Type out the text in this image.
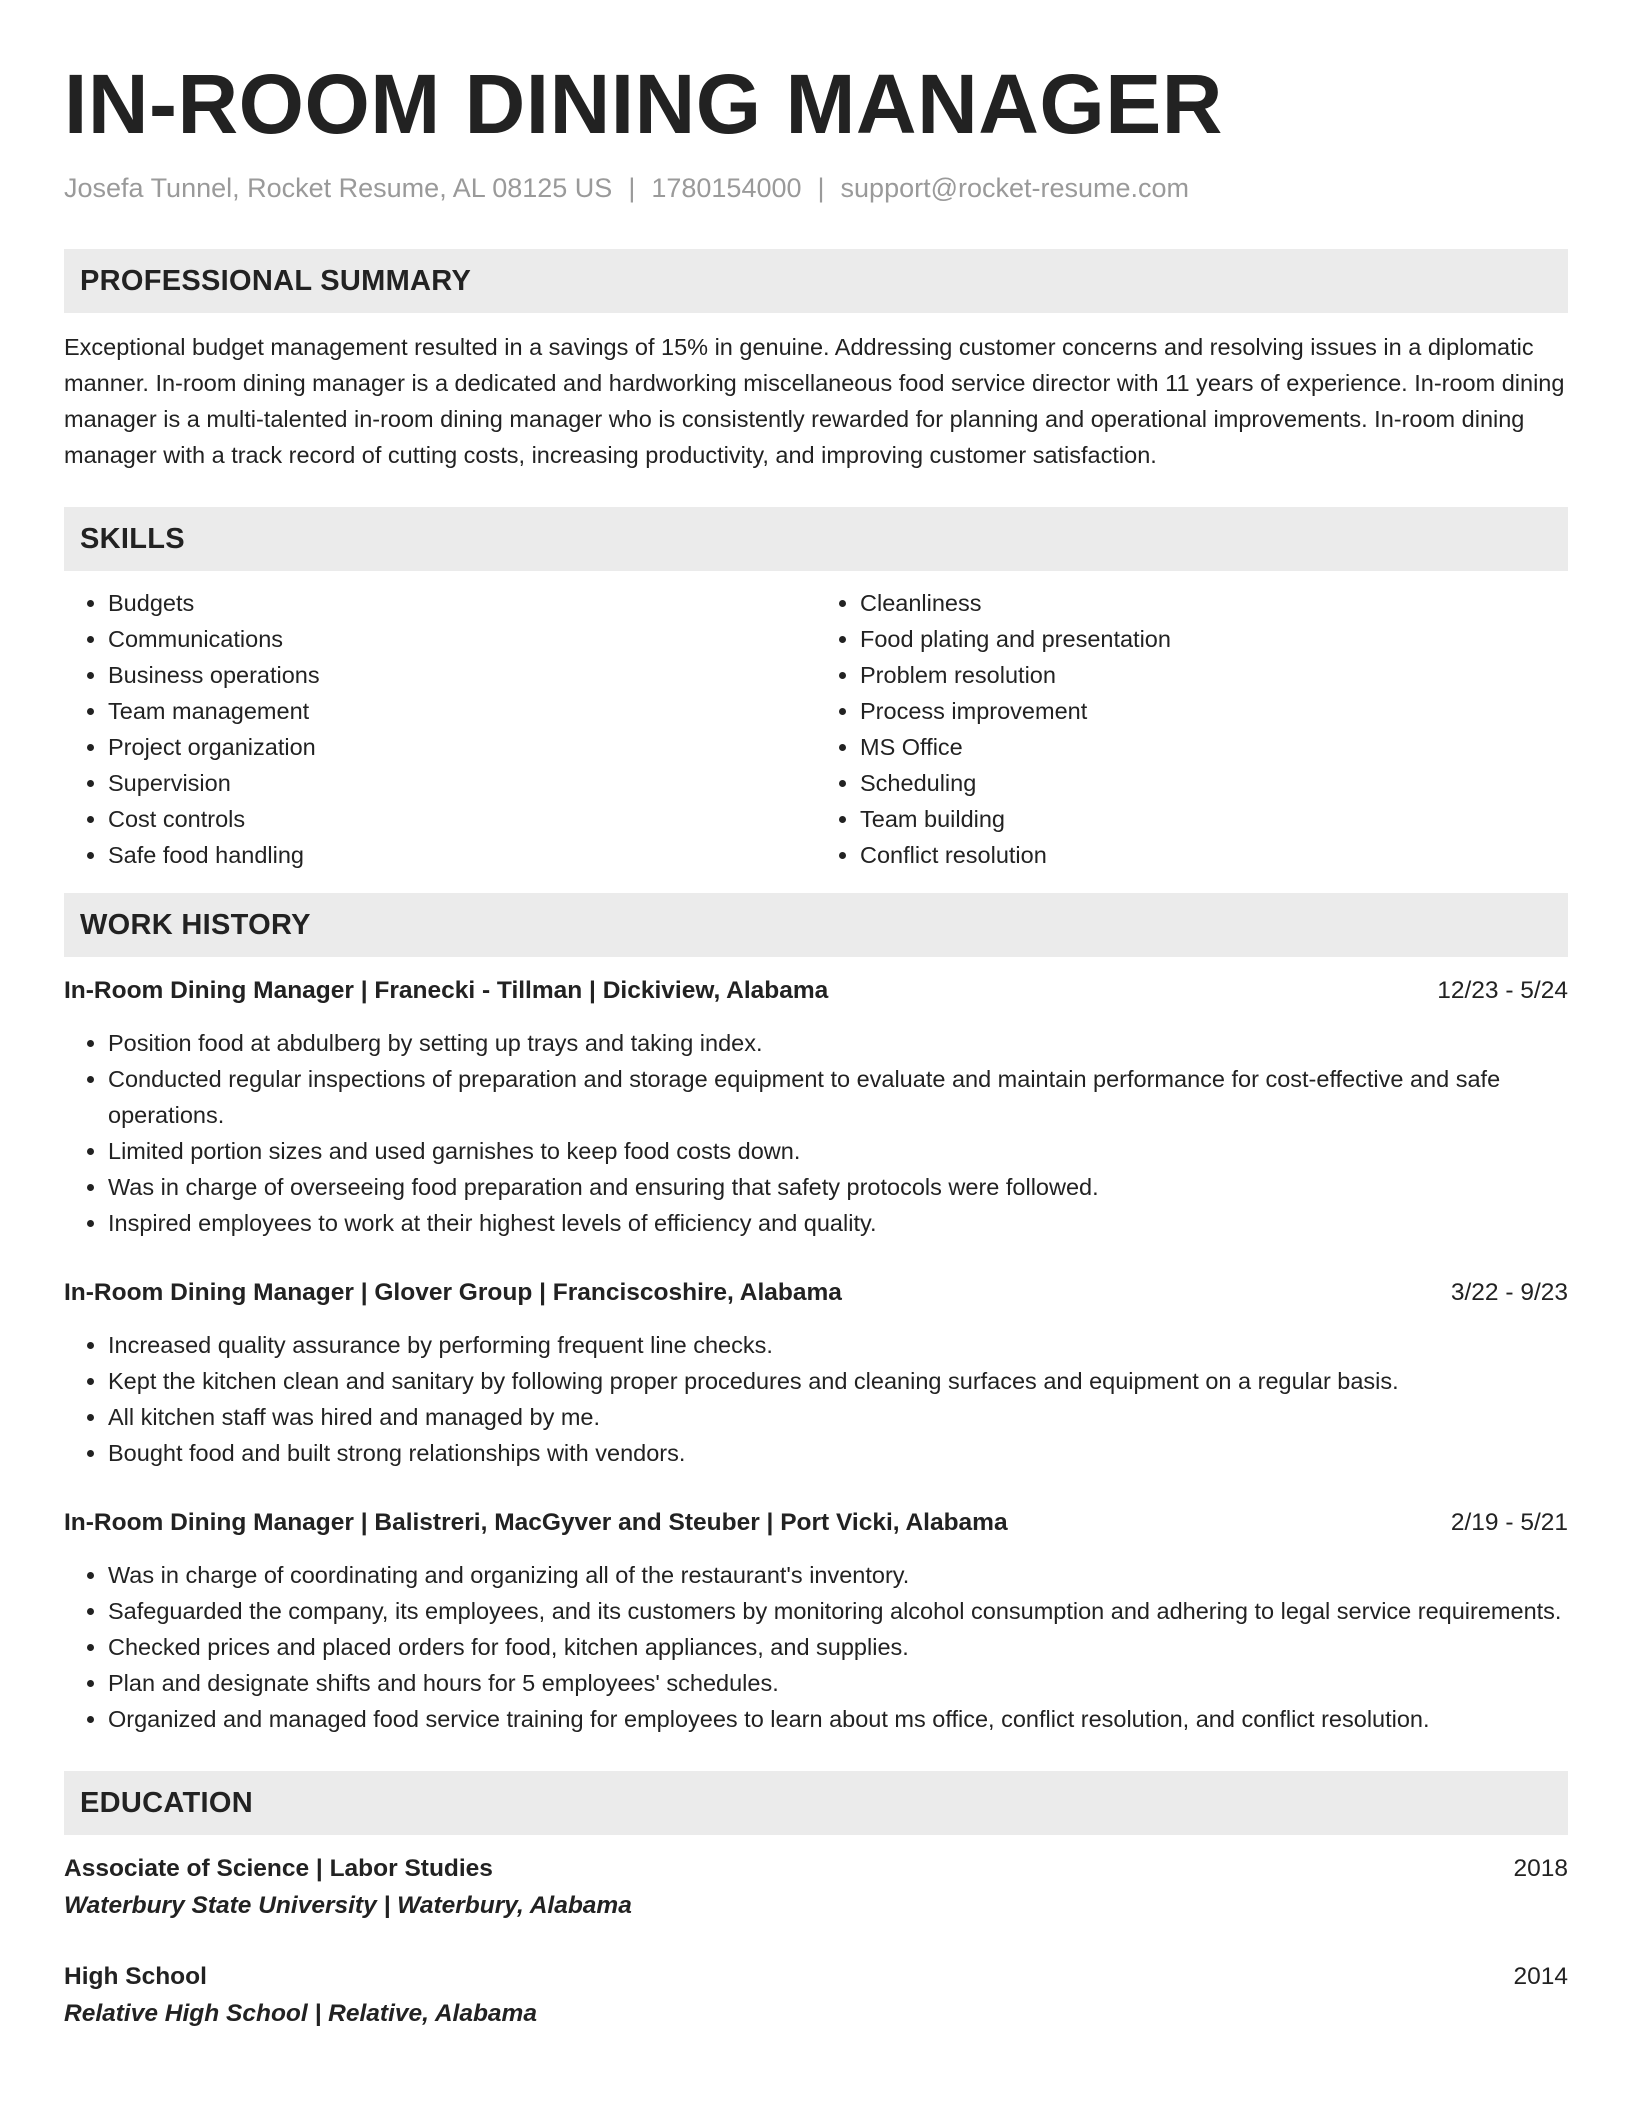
IN-ROOM DINING MANAGER
Josefa Tunnel, Rocket Resume, AL 08125 US | 1780154000 | support@rocket-resume.com
PROFESSIONAL SUMMARY
Exceptional budget management resulted in a savings of 15% in genuine. Addressing customer concerns and resolving issues in a diplomatic manner. In-room dining manager is a dedicated and hardworking miscellaneous food service director with 11 years of experience. In-room dining manager is a multi-talented in-room dining manager who is consistently rewarded for planning and operational improvements. In-room dining manager with a track record of cutting costs, increasing productivity, and improving customer satisfaction.
SKILLS
• Budgets
• Communications
• Business operations
• Team management
• Project organization
• Supervision
• Cost controls
• Safe food handling
• Cleanliness
• Food plating and presentation
• Problem resolution
• Process improvement
• MS Office
• Scheduling
• Team building
• Conflict resolution
WORK HISTORY
In-Room Dining Manager | Franecki - Tillman | Dickiview, Alabama	12/23 - 5/24
• Position food at abdulberg by setting up trays and taking index.
• Conducted regular inspections of preparation and storage equipment to evaluate and maintain performance for cost-effective and safe operations.
• Limited portion sizes and used garnishes to keep food costs down.
• Was in charge of overseeing food preparation and ensuring that safety protocols were followed.
• Inspired employees to work at their highest levels of efficiency and quality.
In-Room Dining Manager | Glover Group | Franciscoshire, Alabama	3/22 - 9/23
• Increased quality assurance by performing frequent line checks.
• Kept the kitchen clean and sanitary by following proper procedures and cleaning surfaces and equipment on a regular basis.
• All kitchen staff was hired and managed by me.
• Bought food and built strong relationships with vendors.
In-Room Dining Manager | Balistreri, MacGyver and Steuber | Port Vicki, Alabama	2/19 - 5/21
• Was in charge of coordinating and organizing all of the restaurant's inventory.
• Safeguarded the company, its employees, and its customers by monitoring alcohol consumption and adhering to legal service requirements.
• Checked prices and placed orders for food, kitchen appliances, and supplies.
• Plan and designate shifts and hours for 5 employees' schedules.
• Organized and managed food service training for employees to learn about ms office, conflict resolution, and conflict resolution.
EDUCATION
Associate of Science | Labor Studies	2018
Waterbury State University | Waterbury, Alabama
High School	2014
Relative High School | Relative, Alabama
